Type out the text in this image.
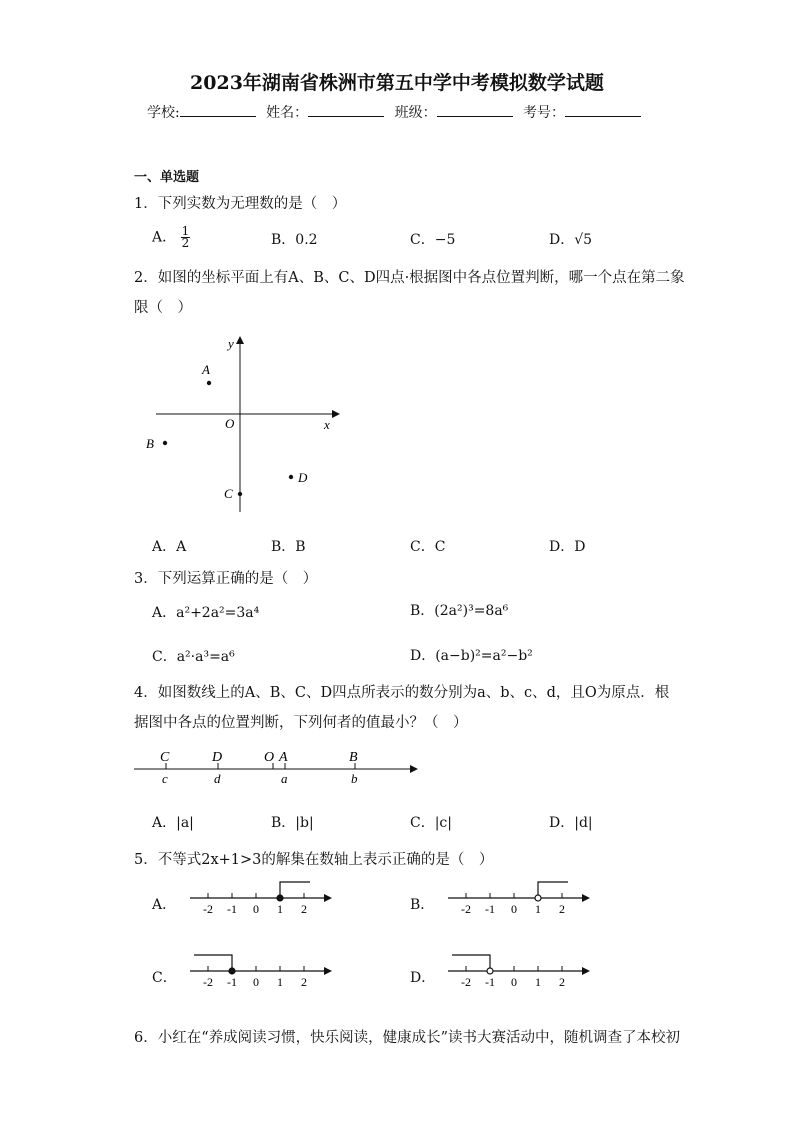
2023年湖南省株洲市第五中学中考模拟数学试题
学校:	姓名：	班级：	考号：
一、单选题
1．下列实数为无理数的是（　）
A． $\frac{1}{2}$	B．0.2	C．−5	D．√5
2．如图的坐标平面上有A、B、C、D四点·根据图中各点位置判断，哪一个点在第二象
限（　）
y
x
O
A
B
C
D
A．A	B．B	C．C	D．D
3．下列运算正确的是（　）
A．a²+2a²=3a⁴	B．(2a²)³=8a⁶
C．a²·a³=a⁶	D．(a−b)²=a²−b²
4．如图数线上的A、B、C、D四点所表示的数分别为a、b、c、d，且O为原点．根
据图中各点的位置判断，下列何者的值最小？（　）
C	D	O A	B
c	d	a	b
A．|a|	B．|b|	C．|c|	D．|d|
5．不等式2x+1>3的解集在数轴上表示正确的是（　）
A． -2 -1 0 1 2	B． -2 -1 0 1 2
C． -2 -1 0 1 2	D． -2 -1 0 1 2
6．小红在“养成阅读习惯，快乐阅读，健康成长”读书大赛活动中，随机调查了本校初
